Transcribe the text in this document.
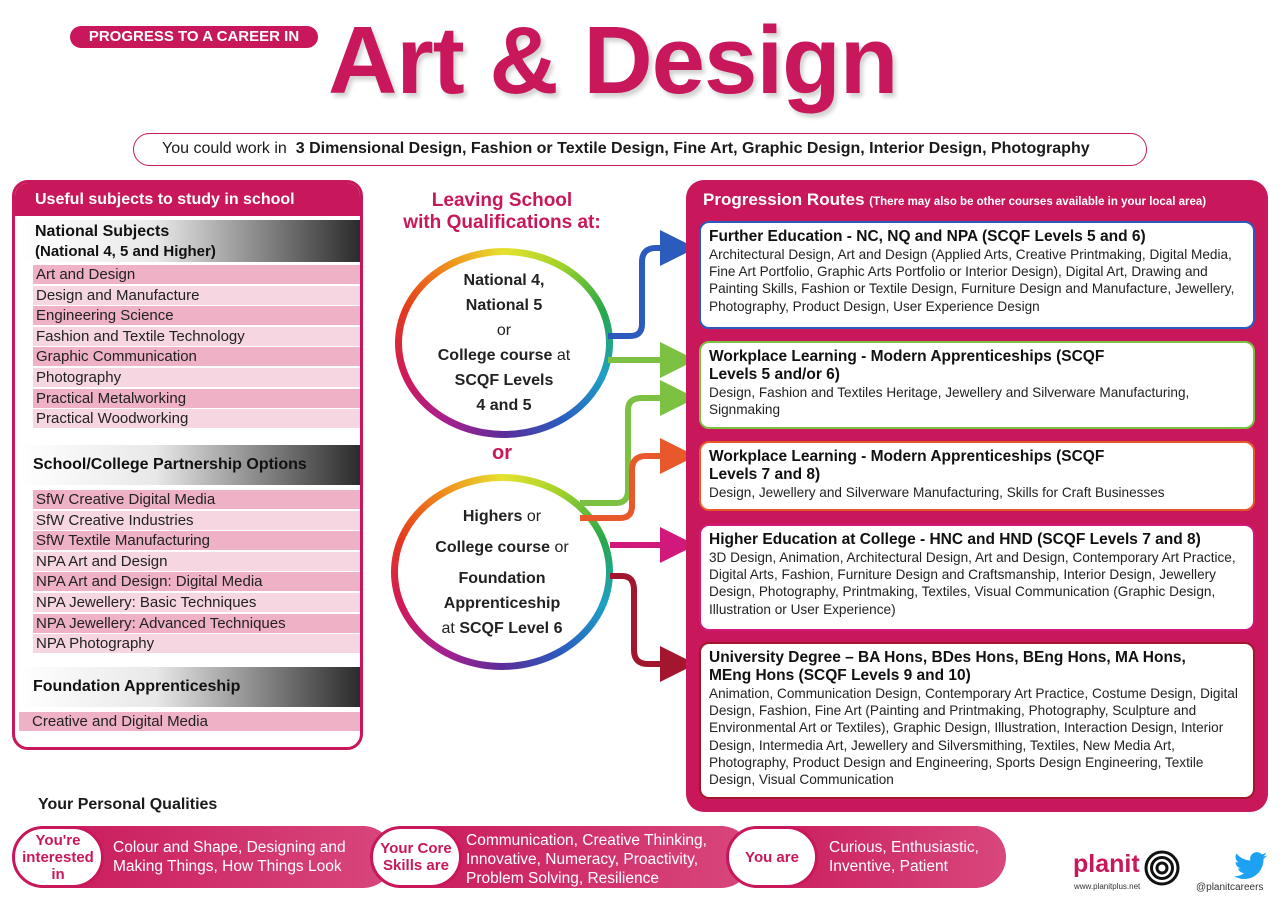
PROGRESS TO A CAREER IN Art & Design
You could work in 3 Dimensional Design, Fashion or Textile Design, Fine Art, Graphic Design, Interior Design, Photography
Useful subjects to study in school
National Subjects
(National 4, 5 and Higher)
Art and Design
Design and Manufacture
Engineering Science
Fashion and Textile Technology
Graphic Communication
Photography
Practical Metalworking
Practical Woodworking
School/College Partnership Options
SfW Creative Digital Media
SfW Creative Industries
SfW Textile Manufacturing
NPA Art and Design
NPA Art and Design: Digital Media
NPA Jewellery: Basic Techniques
NPA Jewellery: Advanced Techniques
NPA Photography
Foundation Apprenticeship
Creative and Digital Media
Leaving School
with Qualifications at:
National 4,
National 5
or
College course at
SCQF Levels
4 and 5
or
Highers or
College course or
Foundation
Apprenticeship
at SCQF Level 6
Progression Routes (There may also be other courses available in your local area)
Further Education - NC, NQ and NPA (SCQF Levels 5 and 6)

Architectural Design, Art and Design (Applied Arts, Creative Printmaking, Digital Media, Fine Art Portfolio, Graphic Arts Portfolio or Interior Design), Digital Art, Drawing and Painting Skills, Fashion or Textile Design, Furniture Design and Manufacture, Jewellery, Photography, Product Design, User Experience Design

Workplace Learning - Modern Apprenticeships (SCQF Levels 5 and/or 6)

Design, Fashion and Textiles Heritage, Jewellery and Silverware Manufacturing, Signmaking

Workplace Learning - Modern Apprenticeships (SCQF Levels 7 and 8)

Design, Jewellery and Silverware Manufacturing, Skills for Craft Businesses

Higher Education at College - HNC and HND (SCQF Levels 7 and 8)

3D Design, Animation, Architectural Design, Art and Design, Contemporary Art Practice, Digital Arts, Fashion, Furniture Design and Craftsmanship, Interior Design, Jewellery Design, Photography, Printmaking, Textiles, Visual Communication (Graphic Design, Illustration or User Experience)

University Degree – BA Hons, BDes Hons, BEng Hons, MA Hons, MEng Hons (SCQF Levels 9 and 10)

Animation, Communication Design, Contemporary Art Practice, Costume Design, Digital Design, Fashion, Fine Art (Painting and Printmaking, Photography, Sculpture and Environmental Art or Textiles), Graphic Design, Illustration, Interaction Design, Interior Design, Intermedia Art, Jewellery and Silversmithing, Textiles, New Media Art, Photography, Product Design and Engineering, Sports Design Engineering, Textile Design, Visual Communication

Your Personal Qualities
You're interested in
Colour and Shape, Designing and Making Things, How Things Look
Your Core Skills are
Communication, Creative Thinking, Innovative, Numeracy, Proactivity, Problem Solving, Resilience
You are
Curious, Enthusiastic, Inventive, Patient	planit
www.planitplus.net	@planitcareers
